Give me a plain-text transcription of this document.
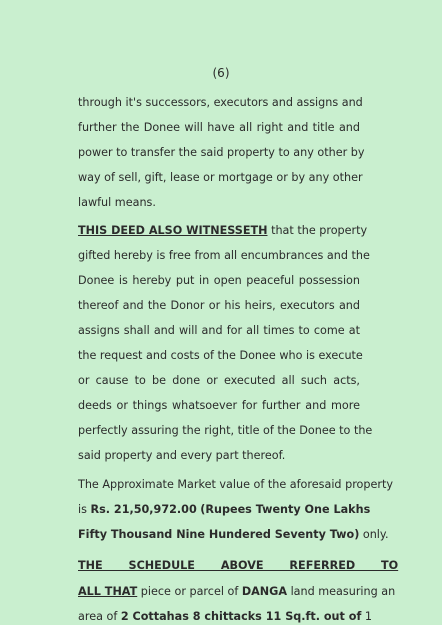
(6)
through it's successors, executors and assigns and
further the Donee will have all right and title and
power to transfer the said property to any other by
way of sell, gift, lease or mortgage or by any other
lawful means.
THIS DEED ALSO WITNESSETH that the property
gifted hereby is free from all encumbrances and the
Donee is hereby put in open peaceful possession
thereof and the Donor or his heirs, executors and
assigns shall and will and for all times to come at
the request and costs of the Donee who is execute
or cause to be done or executed all such acts,
deeds or things whatsoever for further and more
perfectly assuring the right, title of the Donee to the
said property and every part thereof.
The Approximate Market value of the aforesaid property
is Rs. 21,50,972.00 (Rupees Twenty One Lakhs
Fifty Thousand Nine Hundered Seventy Two) only.
THE SCHEDULE ABOVE REFERRED TO
ALL THAT piece or parcel of DANGA land measuring an
area of 2 Cottahas 8 chittacks 11 Sq.ft. out of 1
